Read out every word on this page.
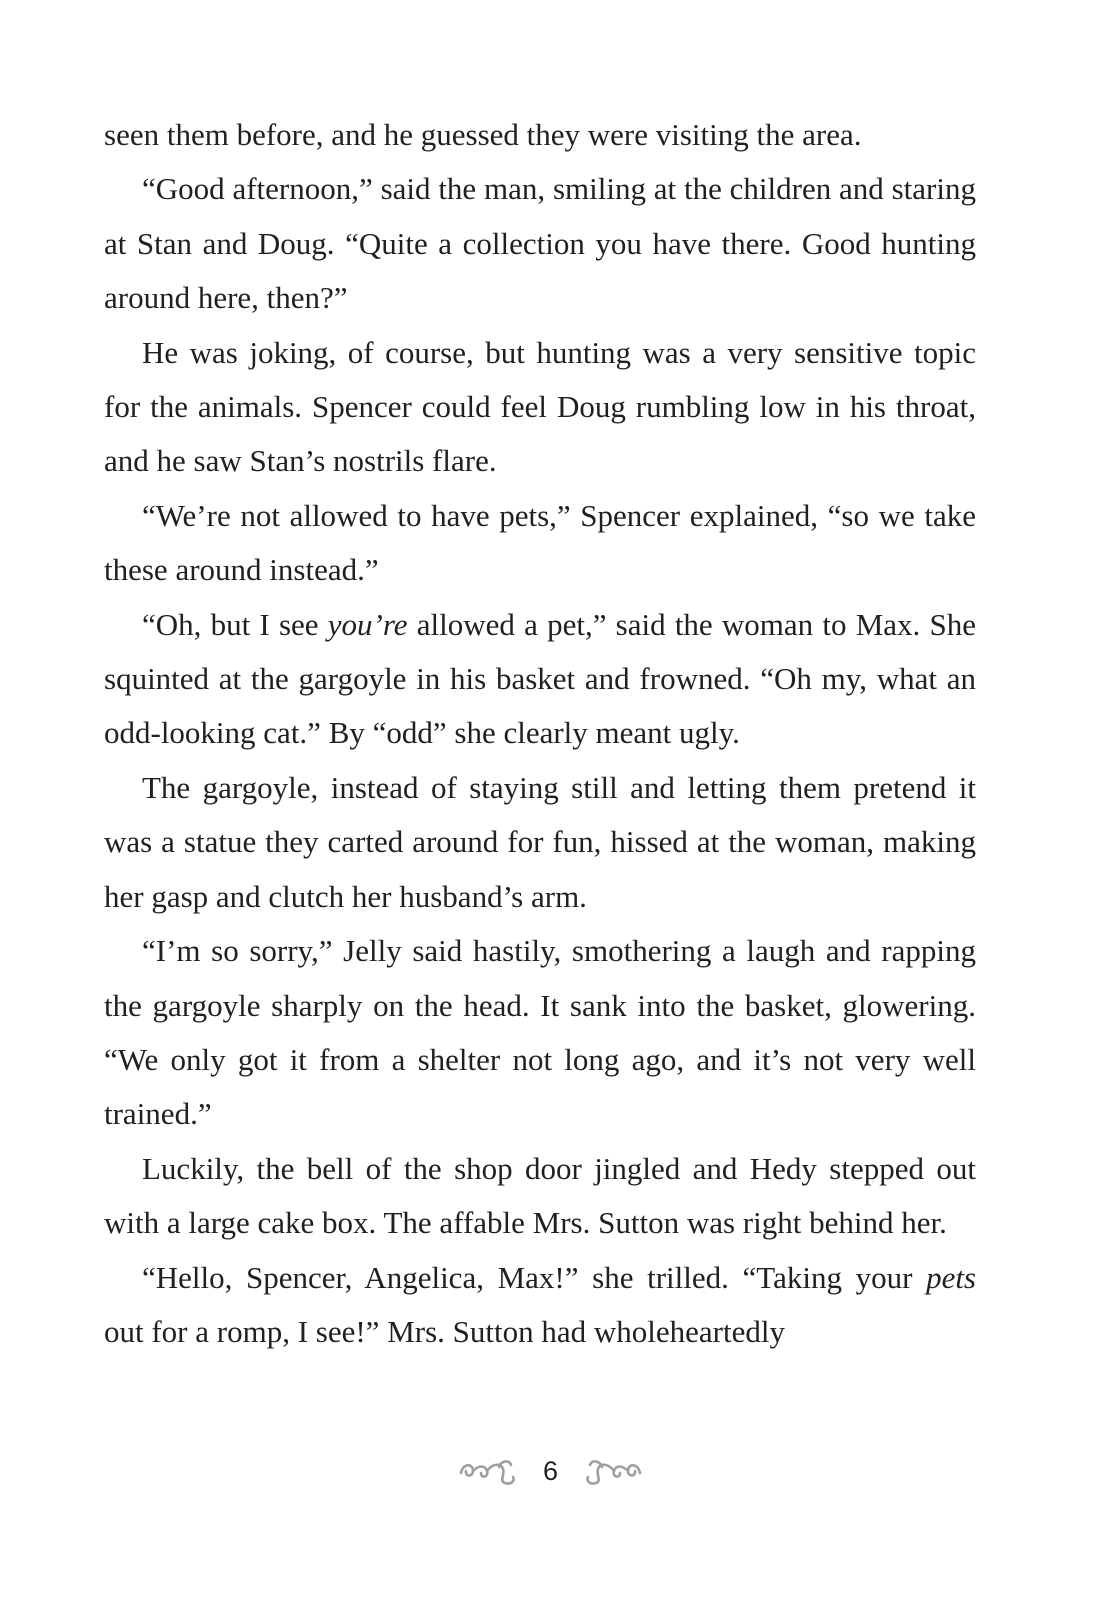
seen them before, and he guessed they were visiting the area.

“Good afternoon,” said the man, smiling at the children and staring at Stan and Doug. “Quite a collection you have there. Good hunting around here, then?”

He was joking, of course, but hunting was a very sensitive topic for the animals. Spencer could feel Doug rumbling low in his throat, and he saw Stan’s nostrils flare.

“We’re not allowed to have pets,” Spencer explained, “so we take these around instead.”

“Oh, but I see you’re allowed a pet,” said the woman to Max. She squinted at the gargoyle in his basket and frowned. “Oh my, what an odd-looking cat.” By “odd” she clearly meant ugly.

The gargoyle, instead of staying still and letting them pretend it was a statue they carted around for fun, hissed at the woman, making her gasp and clutch her husband’s arm.

“I’m so sorry,” Jelly said hastily, smothering a laugh and rapping the gargoyle sharply on the head. It sank into the basket, glowering. “We only got it from a shelter not long ago, and it’s not very well trained.”

Luckily, the bell of the shop door jingled and Hedy stepped out with a large cake box. The affable Mrs. Sutton was right behind her.

“Hello, Spencer, Angelica, Max!” she trilled. “Taking your pets out for a romp, I see!” Mrs. Sutton had wholeheartedly

6
